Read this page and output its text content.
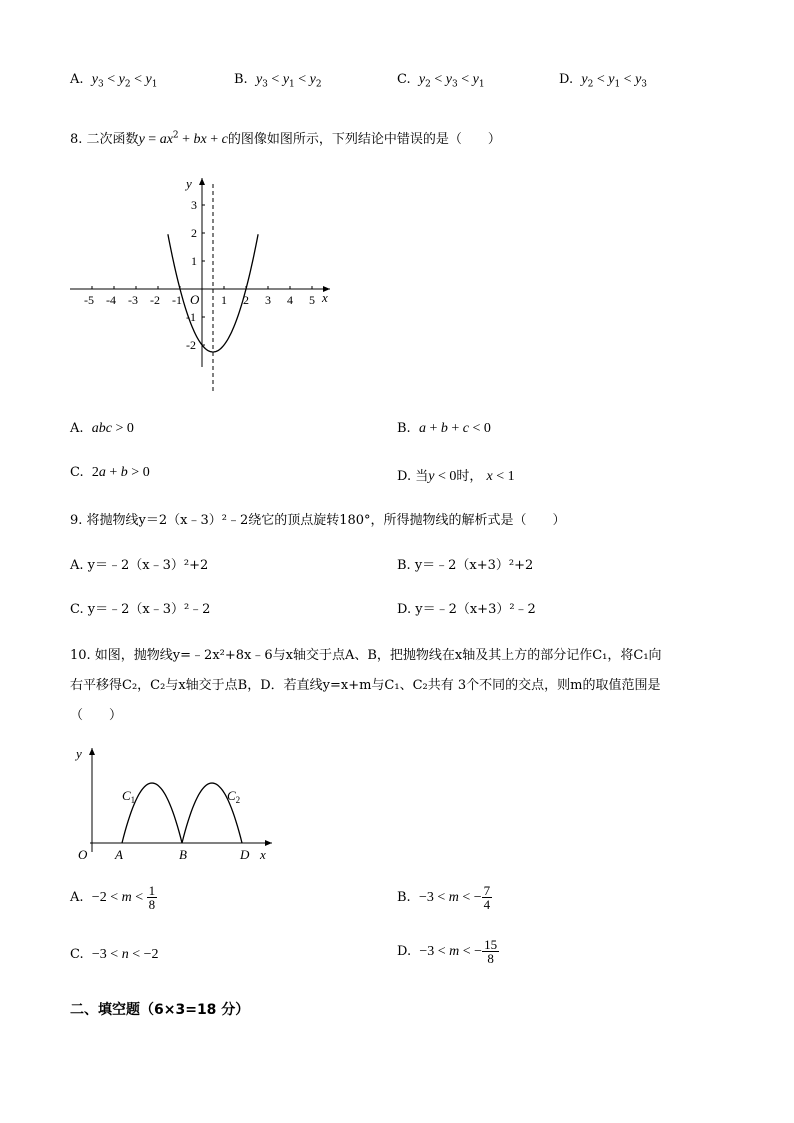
A. $y_3 < y_2 < y_1$	B. $y_3 < y_1 < y_2$	C. $y_2 < y_3 < y_1$	D. $y_2 < y_1 < y_3$
8. 二次函数$y = ax^2$ + bx + c的图像如图所示，下列结论中错误的是（　　）
-5 -4 -3 -2 -1	1 2 3 4 5
3
2
1
-1
-2
O	x
y
A. abc > 0	B. a + b + c < 0
C. 2a + b > 0	D. 当y < 0时， x < 1
9. 将抛物线y＝2（x﹣3）²﹣2绕它的顶点旋转180°，所得抛物线的解析式是（　　）
A. y＝﹣2（x﹣3）²+2	B. y＝﹣2（x+3）²+2
C. y＝﹣2（x﹣3）²﹣2	D. y＝﹣2（x+3）²﹣2
10. 如图，抛物线y=﹣2x²+8x﹣6与x轴交于点A、B，把抛物线在x轴及其上方的部分记作C₁，将C₁向
右平移得C₂，C₂与x轴交于点B，D．若直线y=x+m与C₁、C₂共有 3个不同的交点，则m的取值范围是
（　　）
y
x
O A	B	D
$C_1$	$C_2$
A. $-2 < m < \frac{1}{8}$	B. −3 < m < − $\frac{7}{4}$
C. −3 < n < −2	D. −3 < m < − $\frac{15}{8}$
二、填空题（6×3=18 分）
